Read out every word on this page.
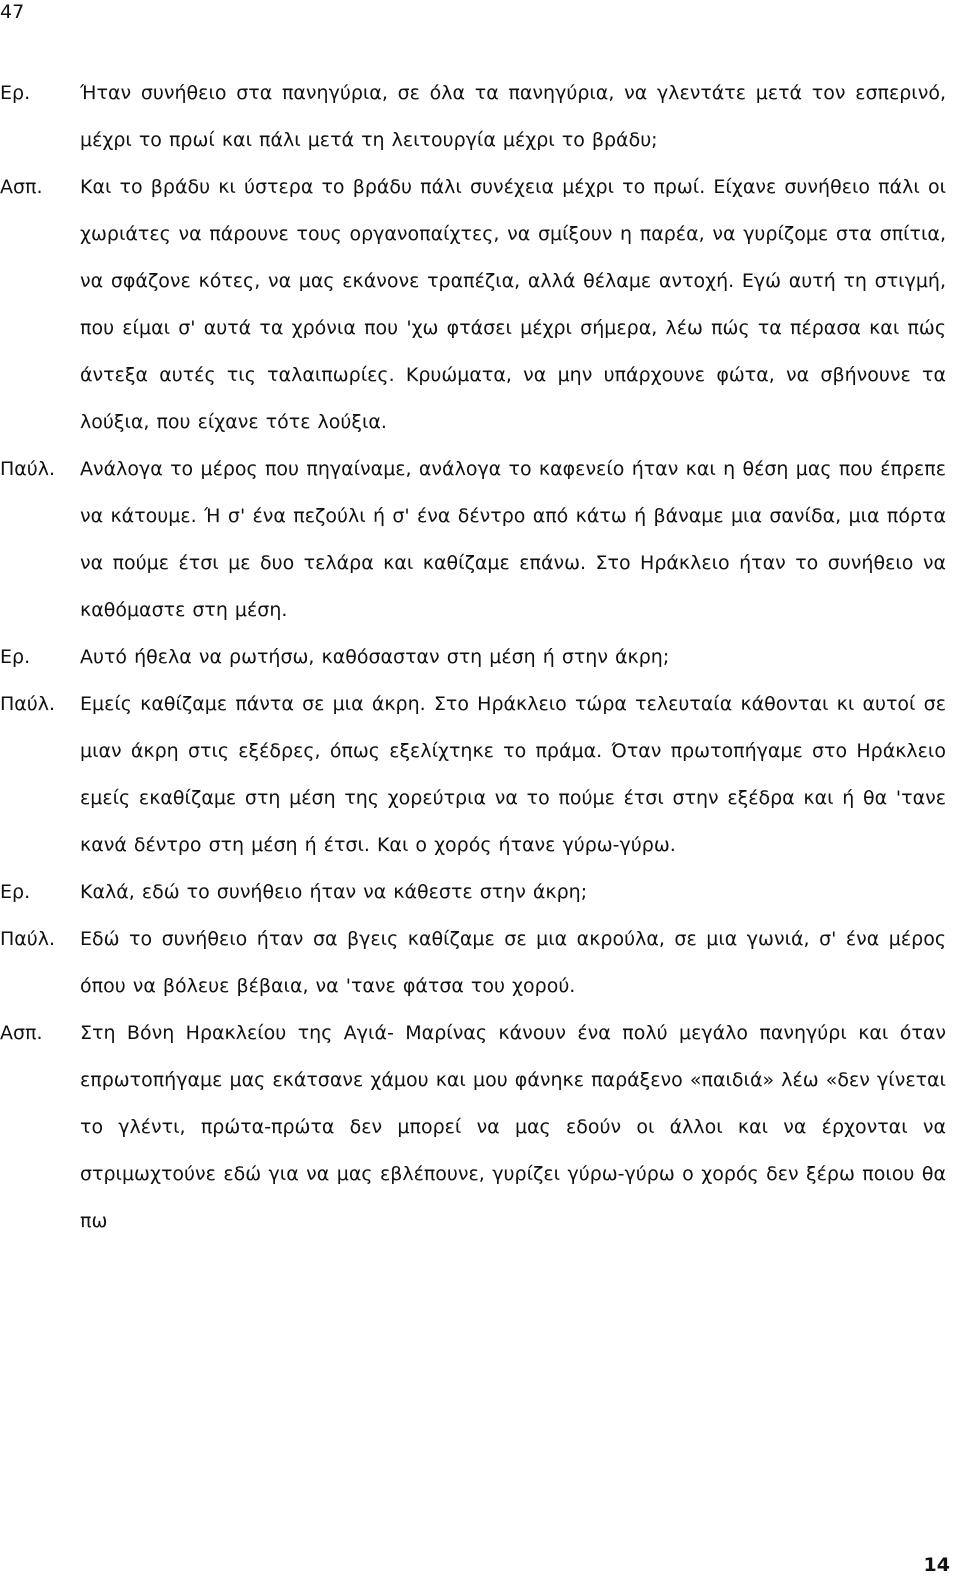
47
Ερ.	Ήταν συνήθειο στα πανηγύρια, σε όλα τα πανηγύρια, να γλεντάτε μετά τον εσπερινό, μέχρι το πρωί και πάλι μετά τη λειτουργία μέχρι το βράδυ;

Ασπ. Και το βράδυ κι ύστερα το βράδυ πάλι συνέχεια μέχρι το πρωί. Είχανε συνήθειο πάλι οι χωριάτες να πάρουνε τους οργανοπαίχτες, να σμίξουν η παρέα, να γυρίζομε στα σπίτια, να σφάζονε κότες, να μας εκάνονε τραπέζια, αλλά θέλαμε αντοχή. Εγώ αυτή τη στιγμή, που είμαι σ' αυτά τα χρόνια που 'χω φτάσει μέχρι σήμερα, λέω πώς τα πέρασα και πώς άντεξα αυτές τις ταλαιπωρίες. Κρυώματα, να μην υπάρχουνε φώτα, να σβήνουνε τα λούξια, που είχανε τότε λούξια.

Παύλ. Ανάλογα το μέρος που πηγαίναμε, ανάλογα το καφενείο ήταν και η θέση μας που έπρεπε να κάτουμε. Ή σ' ένα πεζούλι ή σ' ένα δέντρο από κάτω ή βάναμε μια σανίδα, μια πόρτα να πούμε έτσι με δυο τελάρα και καθίζαμε επάνω. Στο Ηράκλειο ήταν το συνήθειο να καθόμαστε στη μέση.

Ερ.	Αυτό ήθελα να ρωτήσω, καθόσασταν στη μέση ή στην άκρη;

Παύλ. Εμείς καθίζαμε πάντα σε μια άκρη. Στο Ηράκλειο τώρα τελευταία κάθονται κι αυτοί σε μιαν άκρη στις εξέδρες, όπως εξελίχτηκε το πράμα. Όταν πρωτοπήγαμε στο Ηράκλειο εμείς εκαθίζαμε στη μέση της χορεύτρια να το πούμε έτσι στην εξέδρα και ή θα 'τανε κανά δέντρο στη μέση ή έτσι. Και ο χορός ήτανε γύρω-γύρω.

Ερ.	Καλά, εδώ το συνήθειο ήταν να κάθεστε στην άκρη;

Παύλ. Εδώ το συνήθειο ήταν σα βγεις καθίζαμε σε μια ακρούλα, σε μια γωνιά, σ' ένα μέρος όπου να βόλευε βέβαια, να 'τανε φάτσα του χορού.

Ασπ. Στη Βόνη Ηρακλείου της Αγιά- Μαρίνας κάνουν ένα πολύ μεγάλο πανηγύρι και όταν επρωτοπήγαμε μας εκάτσανε χάμου και μου φάνηκε παράξενο «παιδιά» λέω «δεν γίνεται το γλέντι, πρώτα-πρώτα δεν μπορεί να μας εδούν οι άλλοι και να έρχονται να στριμωχτούνε εδώ για να μας εβλέπουνε, γυρίζει γύρω-γύρω ο χορός δεν ξέρω ποιου θα πω

14
